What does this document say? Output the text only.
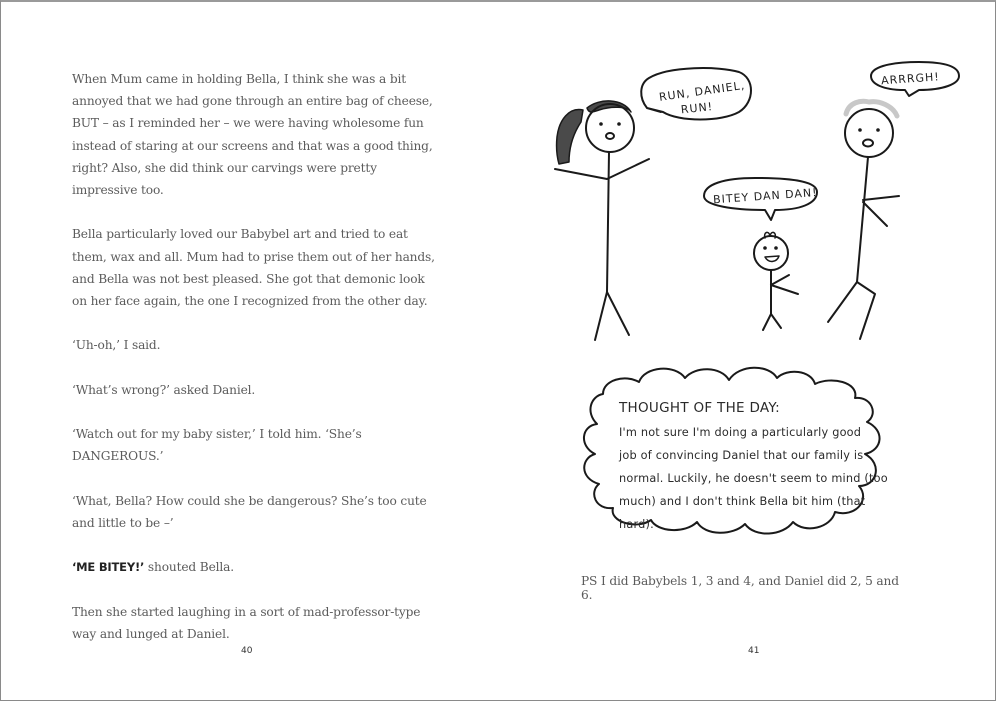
When Mum came in holding Bella, I think she was a bit annoyed that we had gone through an entire bag of cheese, BUT – as I reminded her – we were having wholesome fun instead of staring at our screens and that was a good thing, right? Also, she did think our carvings were pretty impressive too.

Bella particularly loved our Babybel art and tried to eat them, wax and all. Mum had to prise them out of her hands, and Bella was not best pleased. She got that demonic look on her face again, the one I recognized from the other day.

‘Uh-oh,’ I said.

‘What’s wrong?’ asked Daniel.

‘Watch out for my baby sister,’ I told him. ‘She’s DANGEROUS.’

‘What, Bella? How could she be dangerous? She’s too cute and little to be –’

‘ME BITEY!’ shouted Bella.

Then she started laughing in a sort of mad-professor-type way and lunged at Daniel.

40
RUN, DANIEL,
RUN!
BITEY DAN DAN!
ARRRGH!
THOUGHT OF THE DAY:
I'm not sure I'm doing a particularly good
job of convincing Daniel that our family is
normal. Luckily, he doesn't seem to mind (too
much) and I don't think Bella bit him (that
hard).
PS I did Babybels 1, 3 and 4, and Daniel did 2, 5 and 6.
41
